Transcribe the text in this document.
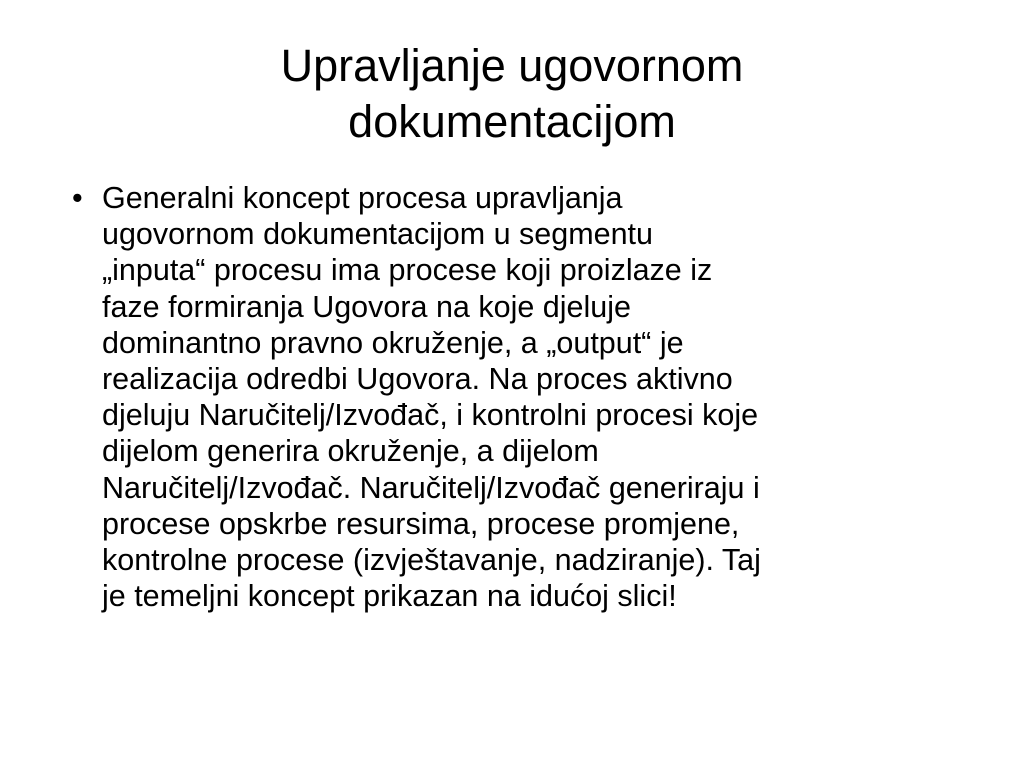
Upravljanje ugovornom
dokumentacijom
• Generalni koncept procesa upravljanja
ugovornom dokumentacijom u segmentu
„inputa“ procesu ima procese koji proizlaze iz
faze formiranja Ugovora na koje djeluje
dominantno pravno okruženje, a „output“ je
realizacija odredbi Ugovora. Na proces aktivno
djeluju Naručitelj/Izvođač, i kontrolni procesi koje
dijelom generira okruženje, a dijelom
Naručitelj/Izvođač. Naručitelj/Izvođač generiraju i
procese opskrbe resursima, procese promjene,
kontrolne procese (izvještavanje, nadziranje). Taj
je temeljni koncept prikazan na idućoj slici!
